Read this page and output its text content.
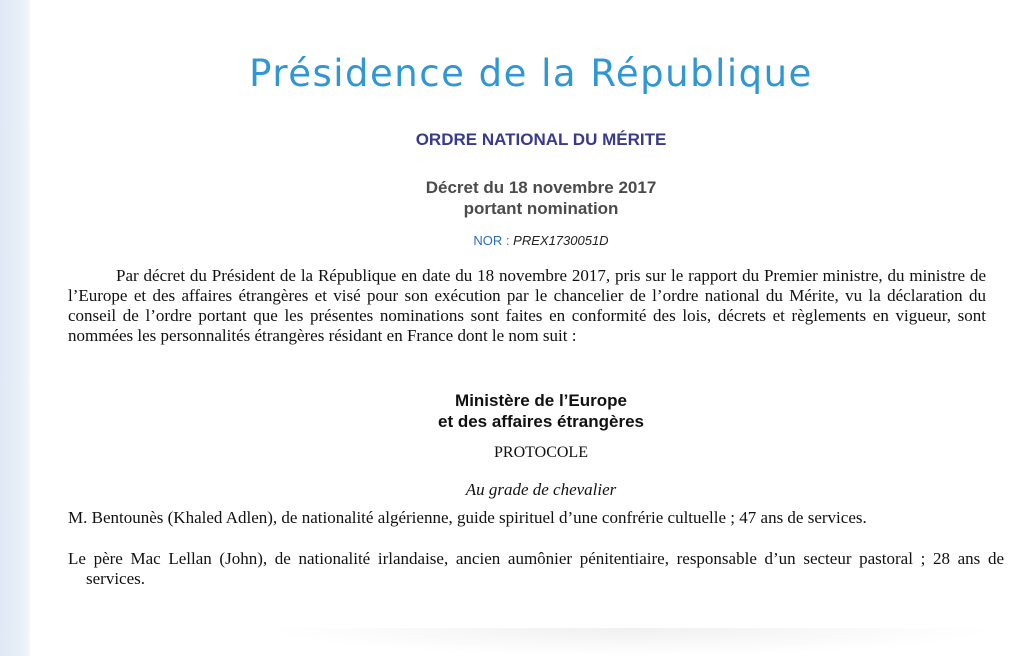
Présidence de la République
ORDRE NATIONAL DU MÉRITE
Décret du 18 novembre 2017
portant nomination
NOR : PREX1730051D
Par décret du Président de la République en date du 18 novembre 2017, pris sur le rapport du Premier ministre, du ministre de l’Europe et des affaires étrangères et visé pour son exécution par le chancelier de l’ordre national du Mérite, vu la déclaration du conseil de l’ordre portant que les présentes nominations sont faites en conformité des lois, décrets et règlements en vigueur, sont nommées les personnalités étrangères résidant en France dont le nom suit :
Ministère de l’Europe
et des affaires étrangères
PROTOCOLE
Au grade de chevalier
M. Bentounès (Khaled Adlen), de nationalité algérienne, guide spirituel d’une confrérie cultuelle ; 47 ans de services.
Le père Mac Lellan (John), de nationalité irlandaise, ancien aumônier pénitentiaire, responsable d’un secteur pastoral ; 28 ans de services.
